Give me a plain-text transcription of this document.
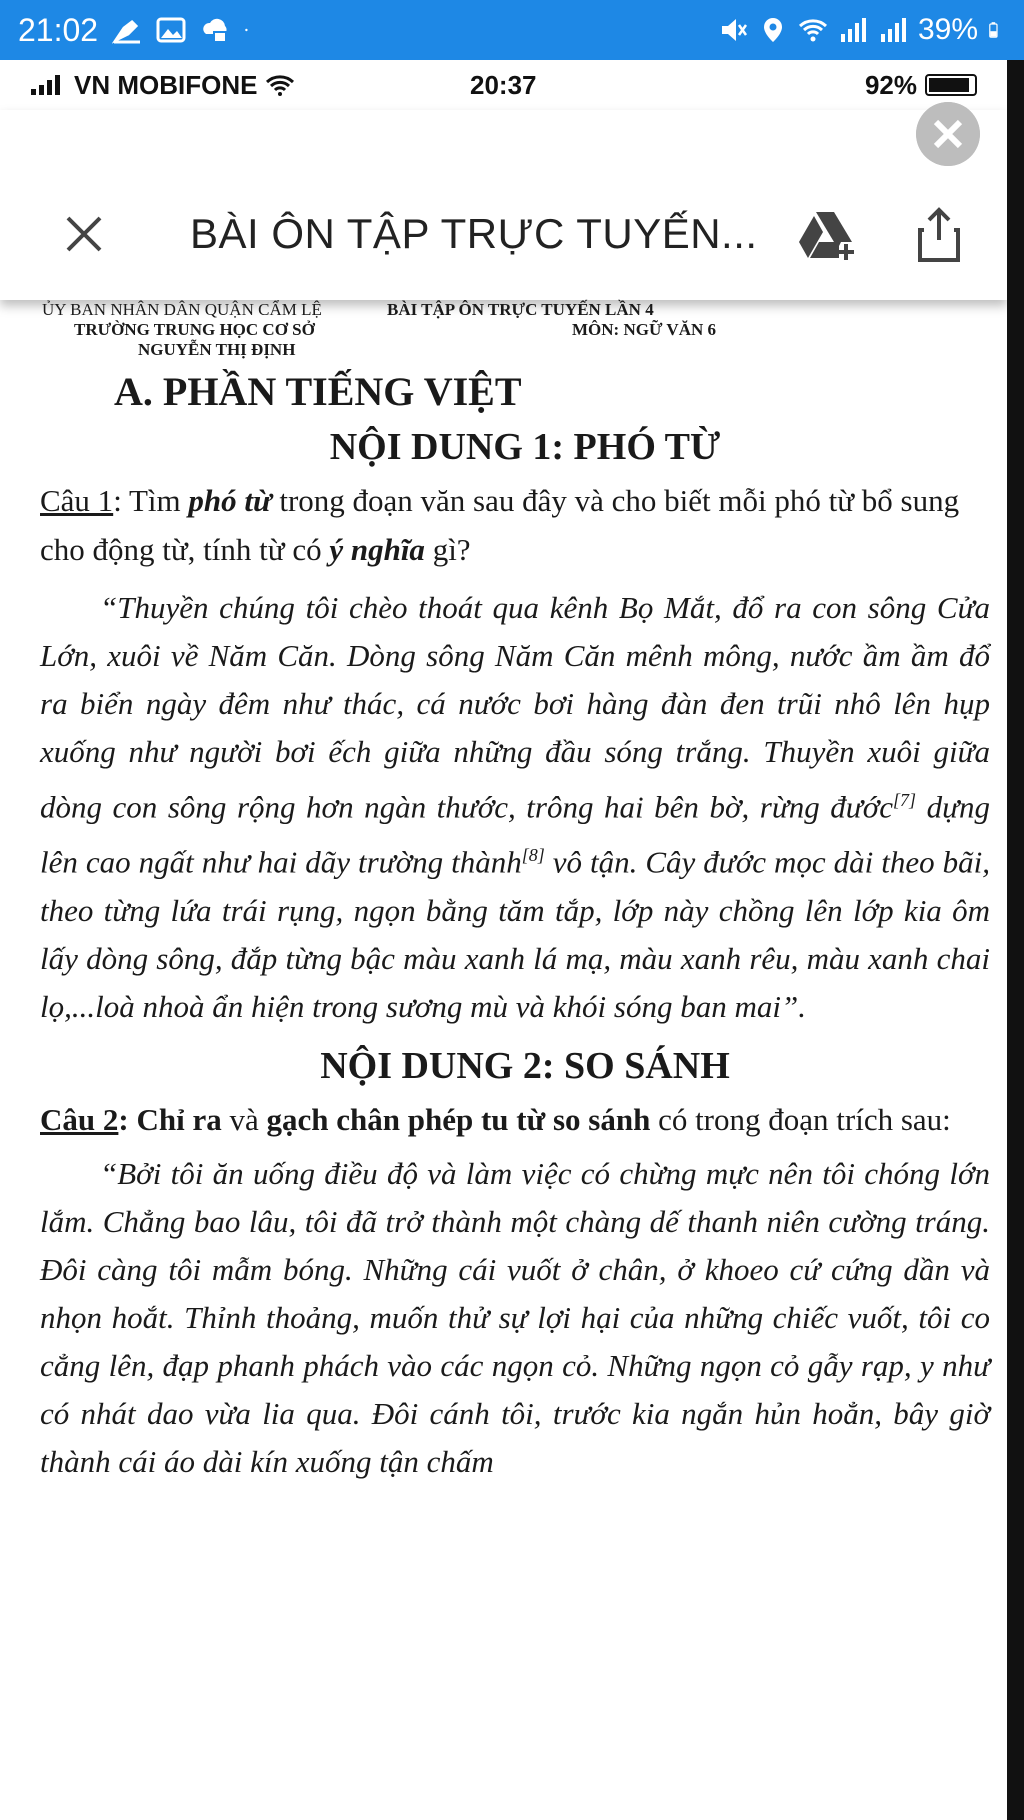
21:02	39%
VN MOBIFONE	20:37	92%
BÀI ÔN TẬP TRỰC TUYẾN...
ỦY BAN NHÂN DÂN QUẬN CẨM LỆ	BÀI TẬP ÔN TRỰC TUYẾN LẦN 4
TRƯỜNG TRUNG HỌC CƠ SỞ	MÔN: NGỮ VĂN 6
NGUYỄN THỊ ĐỊNH
A. PHẦN TIẾNG VIỆT
NỘI DUNG 1: PHÓ TỪ
Câu 1: Tìm phó từ trong đoạn văn sau đây và cho biết mỗi phó từ bổ sung cho động từ, tính từ có ý nghĩa gì?
“Thuyền chúng tôi chèo thoát qua kênh Bọ Mắt, đổ ra con sông Cửa Lớn, xuôi về Năm Căn. Dòng sông Năm Căn mênh mông, nước ầm ầm đổ ra biển ngày đêm như thác, cá nước bơi hàng đàn đen trũi nhô lên hụp xuống như người bơi ếch giữa những đầu sóng trắng. Thuyền xuôi giữa dòng con sông rộng hơn ngàn thước, trông hai bên bờ, rừng đước[7] dựng lên cao ngất như hai dãy trường thành[8] vô tận. Cây đước mọc dài theo bãi, theo từng lứa trái rụng, ngọn bằng tăm tắp, lớp này chồng lên lớp kia ôm lấy dòng sông, đắp từng bậc màu xanh lá mạ, màu xanh rêu, màu xanh chai lọ,...loà nhoà ẩn hiện trong sương mù và khói sóng ban mai”.
NỘI DUNG 2: SO SÁNH
Câu 2: Chỉ ra và gạch chân phép tu từ so sánh có trong đoạn trích sau:
“Bởi tôi ăn uống điều độ và làm việc có chừng mực nên tôi chóng lớn lắm. Chẳng bao lâu, tôi đã trở thành một chàng dế thanh niên cường tráng. Đôi càng tôi mẫm bóng. Những cái vuốt ở chân, ở khoeo cứ cứng dần và nhọn hoắt. Thỉnh thoảng, muốn thử sự lợi hại của những chiếc vuốt, tôi co cẳng lên, đạp phanh phách vào các ngọn cỏ. Những ngọn cỏ gẫy rạp, y như có nhát dao vừa lia qua. Đôi cánh tôi, trước kia ngắn hủn hoẳn, bây giờ thành cái áo dài kín xuống tận chấm
